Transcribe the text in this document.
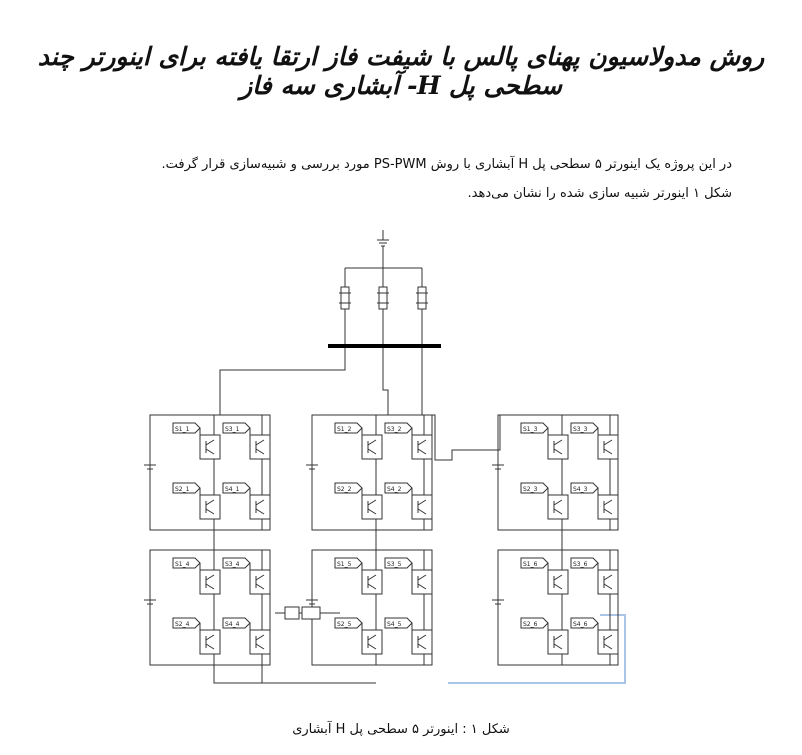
روش مدولاسیون پهنای پالس با شیفت فاز ارتقا یافته برای اینورتر چند سطحی پل H- آبشاری سه فاز

در این پروژه یک اینورتر ۵ سطحی پل H آبشاری با روش PS-PWM مورد بررسی و شبیه‌سازی قرار گرفت.

شکل ۱ اینورتر شبیه سازی شده را نشان می‌دهد.

S1_1	S3_1
S2_1	S4_1
S1_2	S3_2
S2_2	S4_2
S1_3	S3_3
S2_3	S4_3
S1_4	S3_4
S2_4	S4_4
S1_5	S3_5
S2_5	S4_5
S1_6	S3_6
S2_6	S4_6
شکل ۱ : اینورتر ۵ سطحی پل H آبشاری
